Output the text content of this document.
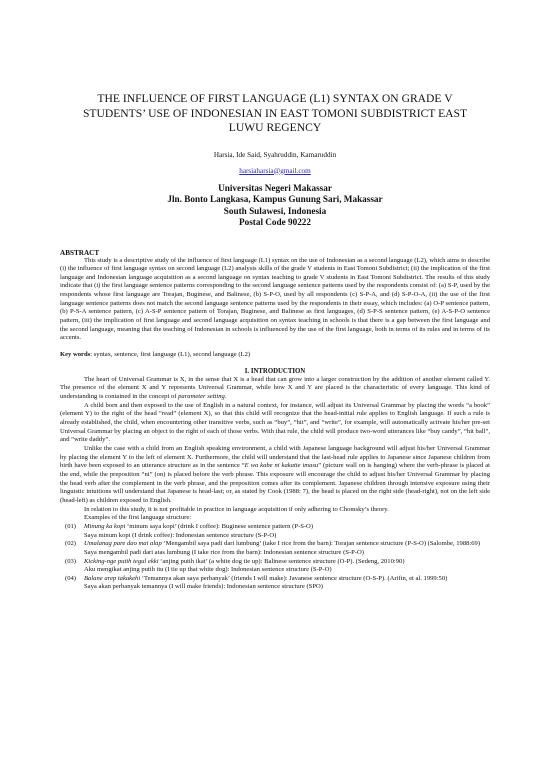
THE INFLUENCE OF FIRST LANGUAGE (L1) SYNTAX ON GRADE V STUDENTS’ USE OF INDONESIAN IN EAST TOMONI SUBDISTRICT EAST LUWU REGENCY
Harsia, Ide Said, Syahruddin, Kamaruddin
harsiaharsia@gmail.com
Universitas Negeri Makassar
Jln. Bonto Langkasa, Kampus Gunung Sari, Makassar
South Sulawesi, Indonesia
Postal Code 90222
ABSTRACT

This study is a descriptive study of the influence of first language (L1) syntax on the use of Indonesian as a second language (L2), which aims to describe (i) the influence of first language syntax on second language (L2) analysis skills of the grade V students in East Tomoni Subdistrict; (ii) the implication of the first language and Indonesian language acquisition as a second language on syntax teaching to grade V students in East Tomoni Subdistrict. The results of this study indicate that (i) the first language sentence patterns corresponding to the second language sentence patterns used by the respondents consist of: (a) S-P, used by the respondents whose first language are Torajan, Buginese, and Balinese, (b) S-P-O, used by all respondents (c) S-P-A, and (d) S-P-O-A, (ii) the use of the first language sentence patterns does not match the second language sentence patterns used by the respondents in their essay, which includes: (a) O-P sentence pattern, (b) P-S-A sentence pattern, (c) A-S-P sentence pattern of Torajan, Buginese, and Balinese as first languages, (d) S-P-S sentence pattern, (e) A-S-P-O sentence pattern, (iii) the implication of first language and second language acquisition on syntax teaching in schools is that there is a gap between the first language and the second language, meaning that the teaching of Indonesian in schools is influenced by the use of the first language, both in terms of its rules and in terms of its accents.

Key words: syntax, sentence, first language (L1), second language (L2)

I. INTRODUCTION

The heart of Universal Grammar is X, in the sense that X is a head that can grow into a larger construction by the addition of another element called Y. The presence of the element X and Y represents Universal Grammar, while how X and Y are placed is the characteristic of every language. This kind of understanding is contained in the concept of parameter setting.

A child born and then exposed to the use of English in a natural context, for instance, will adjust its Universal Grammar by placing the words “a book” (element Y) to the right of the head “read” (element X), so that this child will recognize that the head-initial rule applies to English language. If such a rule is already established, the child, when encountering other transitive verbs, such as “buy”, “hit”, and “write”, for example, will automatically activate his/her pre-set Universal Grammar by placing an object to the right of each of those verbs. With that rule, the child will produce two-word utterances like “buy candy”, “hit ball”, and “write daddy”.

Unlike the case with a child from an English speaking environment, a child with Japanese language background will adjust his/her Universal Grammar by placing the element Y to the left of element X. Furthermore, the child will understand that the last-head rule applies to Japanese since Japanese children from birth have been exposed to an utterance structure as in the sentence “E wa kabe ni kakatte imasu” (picture wall on is hanging) where the verb-phrase is placed at the end, while the preposition “ni” (on) is placed before the verb phrase. This exposure will encourage the child to adjust his/her Universal Grammar by placing the head verb after the complement in the verb phrase, and the preposition comes after its complement. Japanese children through intensive exposure using their linguistic intuitions will understand that Japanese is head-last; or, as stated by Cook (1988: 7), the head is placed on the right side (head-right), not on the left side (head-left) as children exposed to English.

In relation to this study, it is not profitable in practice in language acquisition if only adhering to Chomsky’s theory.

Examples of the first language structure:

(01)	Minung ka kopi ‘minum saya kopi’ (drink I coffee): Buginese sentence pattern (P-S-O)

Saya minum kopi (I drink coffee): Indonesian sentence structure (S-P-O)

(02)	Umalanag pare dao mai alap ‘Mengambil saya padi dari lumbung’ (take I rice from the barn): Torajan sentence structure (P-S-O) (Salombe, 1988:69)

Saya mengambil padi dari atas lumbung (I take rice from the barn): Indonesian sentence structure (S-P-O)

(03)	Kicking-nge putih tegul ekki ‘anjing putih ikat’ (a white dog tie up): Balinese sentence structure (O-P). (Sedeng, 2010:90)

Aku mengikat anjing putih itu (I tie up that white dog): Indonesian sentence structure (S-P-O)

(04)	Balane arep takakehi ‘Temannya akan saya perbanyak’ (friends I will make): Javanese sentence structure (O-S-P). (Arifin, et al. 1999:50)

Saya akan perbanyak temannya (I will make friends): Indonesian sentence structure (SPO)
